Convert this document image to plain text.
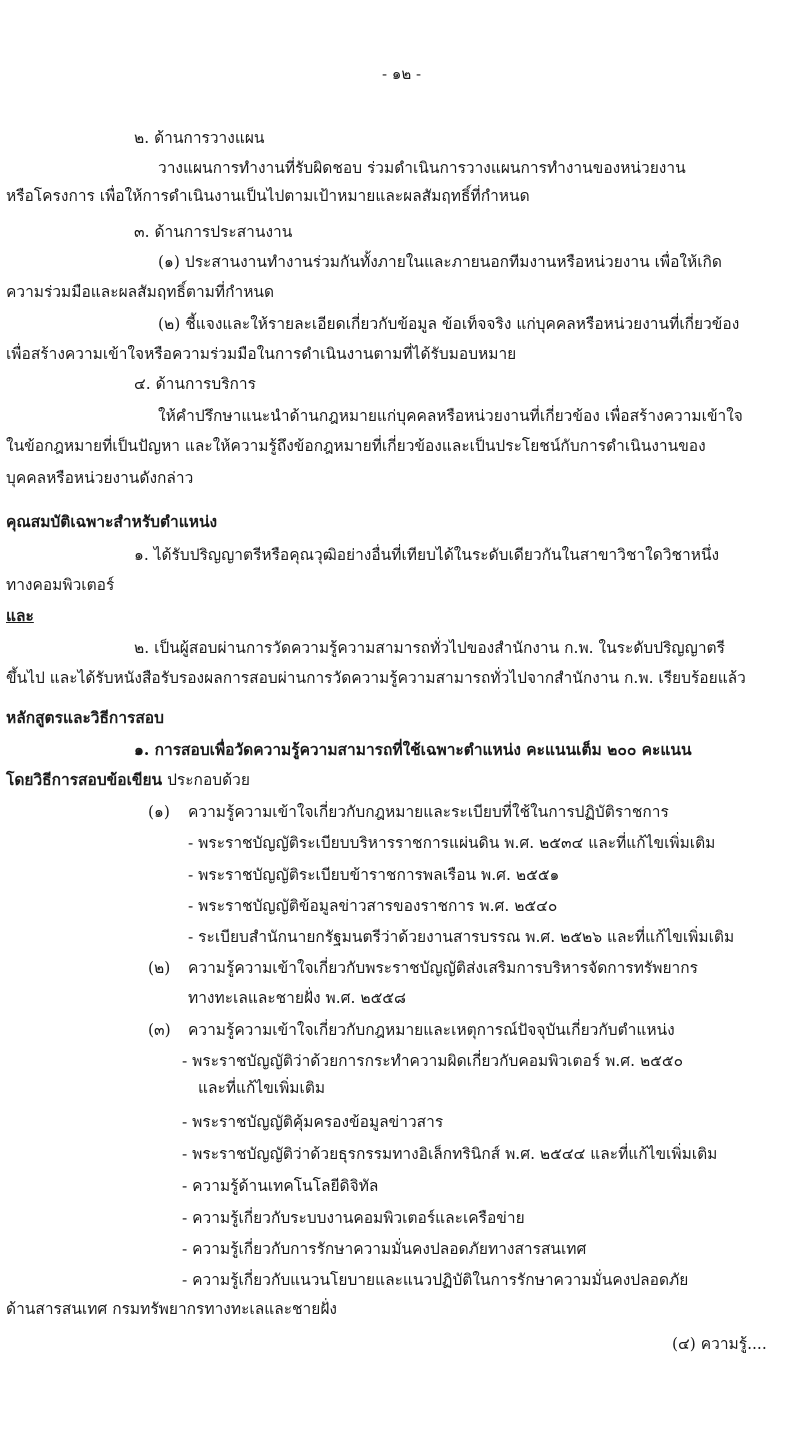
- ๑๒ -
๒. ด้านการวางแผน
วางแผนการทำงานที่รับผิดชอบ ร่วมดำเนินการวางแผนการทำงานของหน่วยงาน
หรือโครงการ เพื่อให้การดำเนินงานเป็นไปตามเป้าหมายและผลสัมฤทธิ์ที่กำหนด
๓. ด้านการประสานงาน
(๑) ประสานงานทำงานร่วมกันทั้งภายในและภายนอกทีมงานหรือหน่วยงาน เพื่อให้เกิด
ความร่วมมือและผลสัมฤทธิ์ตามที่กำหนด
(๒) ชี้แจงและให้รายละเอียดเกี่ยวกับข้อมูล ข้อเท็จจริง แก่บุคคลหรือหน่วยงานที่เกี่ยวข้อง
เพื่อสร้างความเข้าใจหรือความร่วมมือในการดำเนินงานตามที่ได้รับมอบหมาย
๔. ด้านการบริการ
ให้คำปรึกษาแนะนำด้านกฎหมายแก่บุคคลหรือหน่วยงานที่เกี่ยวข้อง เพื่อสร้างความเข้าใจ
ในข้อกฎหมายที่เป็นปัญหา และให้ความรู้ถึงข้อกฎหมายที่เกี่ยวข้องและเป็นประโยชน์กับการดำเนินงานของ
บุคคลหรือหน่วยงานดังกล่าว
คุณสมบัติเฉพาะสำหรับตำแหน่ง
๑. ได้รับปริญญาตรีหรือคุณวุฒิอย่างอื่นที่เทียบได้ในระดับเดียวกันในสาขาวิชาใดวิชาหนึ่ง
ทางคอมพิวเตอร์
และ
๒. เป็นผู้สอบผ่านการวัดความรู้ความสามารถทั่วไปของสำนักงาน ก.พ. ในระดับปริญญาตรี
ขึ้นไป และได้รับหนังสือรับรองผลการสอบผ่านการวัดความรู้ความสามารถทั่วไปจากสำนักงาน ก.พ. เรียบร้อยแล้ว
หลักสูตรและวิธีการสอบ
๑. การสอบเพื่อวัดความรู้ความสามารถที่ใช้เฉพาะตำแหน่ง คะแนนเต็ม ๒๐๐ คะแนน
โดยวิธีการสอบข้อเขียน ประกอบด้วย
(๑) ความรู้ความเข้าใจเกี่ยวกับกฎหมายและระเบียบที่ใช้ในการปฏิบัติราชการ
- พระราชบัญญัติระเบียบบริหารราชการแผ่นดิน พ.ศ. ๒๕๓๔ และที่แก้ไขเพิ่มเติม
- พระราชบัญญัติระเบียบข้าราชการพลเรือน พ.ศ. ๒๕๕๑
- พระราชบัญญัติข้อมูลข่าวสารของราชการ พ.ศ. ๒๕๔๐
- ระเบียบสำนักนายกรัฐมนตรีว่าด้วยงานสารบรรณ พ.ศ. ๒๕๒๖ และที่แก้ไขเพิ่มเติม
(๒) ความรู้ความเข้าใจเกี่ยวกับพระราชบัญญัติส่งเสริมการบริหารจัดการทรัพยากร
ทางทะเลและชายฝั่ง พ.ศ. ๒๕๕๘
(๓) ความรู้ความเข้าใจเกี่ยวกับกฎหมายและเหตุการณ์ปัจจุบันเกี่ยวกับตำแหน่ง
- พระราชบัญญัติว่าด้วยการกระทำความผิดเกี่ยวกับคอมพิวเตอร์ พ.ศ. ๒๕๕๐
และที่แก้ไขเพิ่มเติม
- พระราชบัญญัติคุ้มครองข้อมูลข่าวสาร
- พระราชบัญญัติว่าด้วยธุรกรรมทางอิเล็กทรินิกส์ พ.ศ. ๒๕๔๔ และที่แก้ไขเพิ่มเติม
- ความรู้ด้านเทคโนโลยีดิจิทัล
- ความรู้เกี่ยวกับระบบงานคอมพิวเตอร์และเครือข่าย
- ความรู้เกี่ยวกับการรักษาความมั่นคงปลอดภัยทางสารสนเทศ
- ความรู้เกี่ยวกับแนวนโยบายและแนวปฏิบัติในการรักษาความมั่นคงปลอดภัย
ด้านสารสนเทศ กรมทรัพยากรทางทะเลและชายฝั่ง
(๔) ความรู้....
